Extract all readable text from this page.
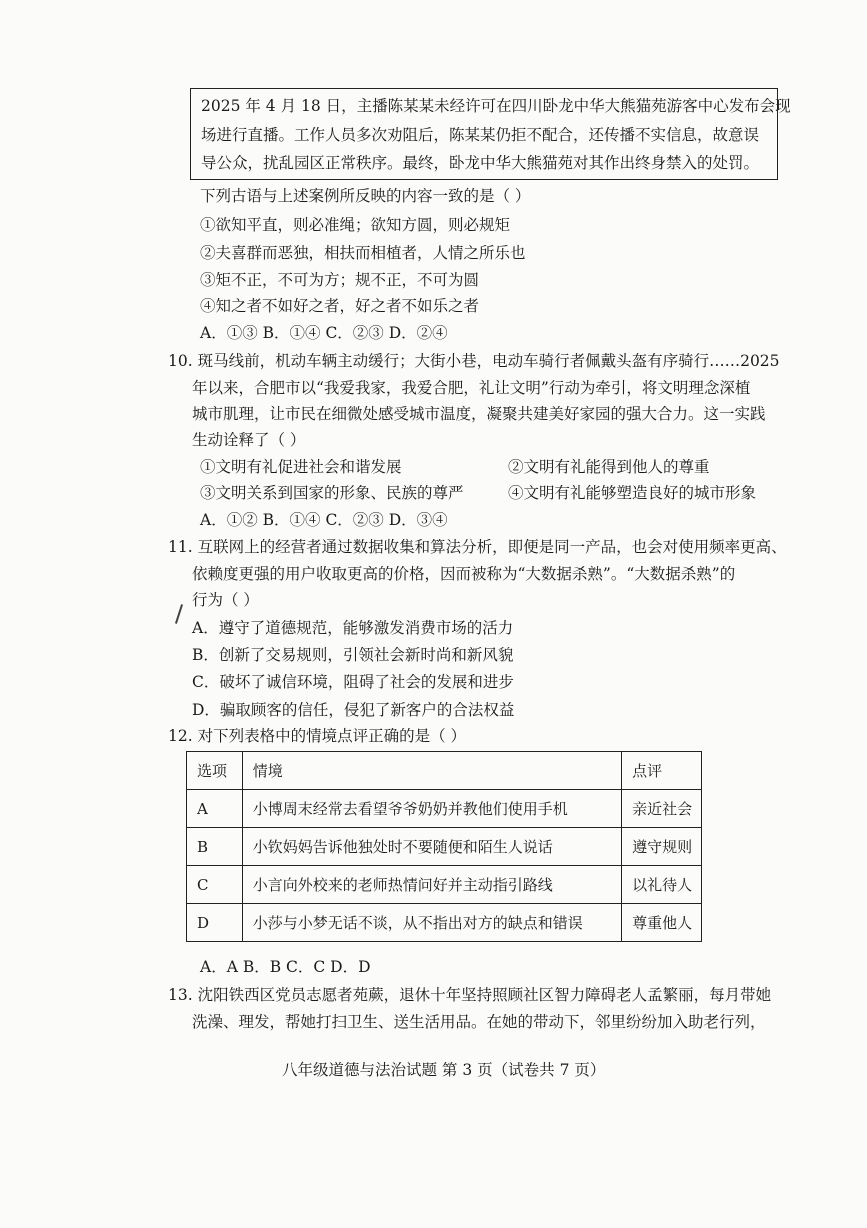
2025 年 4 月 18 日，主播陈某某未经许可在四川卧龙中华大熊猫苑游客中心发布会现
场进行直播。工作人员多次劝阻后，陈某某仍拒不配合，还传播不实信息，故意误
导公众，扰乱园区正常秩序。最终，卧龙中华大熊猫苑对其作出终身禁入的处罚。
下列古语与上述案例所反映的内容一致的是（ ）
①欲知平直，则必准绳；欲知方圆，则必规矩
②夫喜群而恶独，相扶而相植者，人情之所乐也
③矩不正，不可为方；规不正，不可为圆
④知之者不如好之者，好之者不如乐之者
A．①③ B．①④ C．②③ D．②④
10. 斑马线前，机动车辆主动缓行；大街小巷，电动车骑行者佩戴头盔有序骑行……2025
年以来，合肥市以“我爱我家，我爱合肥，礼让文明”行动为牵引，将文明理念深植
城市肌理，让市民在细微处感受城市温度，凝聚共建美好家园的强大合力。这一实践
生动诠释了（ ）
①文明有礼促进社会和谐发展	②文明有礼能得到他人的尊重
③文明关系到国家的形象、民族的尊严	④文明有礼能够塑造良好的城市形象
A．①② B．①④ C．②③ D．③④
11. 互联网上的经营者通过数据收集和算法分析，即便是同一产品，也会对使用频率更高、
依赖度更强的用户收取更高的价格，因而被称为“大数据杀熟”。“大数据杀熟”的
行为（ ）
A．遵守了道德规范，能够激发消费市场的活力
B．创新了交易规则，引领社会新时尚和新风貌
C．破坏了诚信环境，阻碍了社会的发展和进步
D．骗取顾客的信任，侵犯了新客户的合法权益
12. 对下列表格中的情境点评正确的是（ ）
选项	情境	点评
A	小博周末经常去看望爷爷奶奶并教他们使用手机	亲近社会
B	小钦妈妈告诉他独处时不要随便和陌生人说话	遵守规则
C	小言向外校来的老师热情问好并主动指引路线	以礼待人
D	小莎与小梦无话不谈，从不指出对方的缺点和错误	尊重他人
A．A B．B C．C D．D
13. 沈阳铁西区党员志愿者苑蕨，退休十年坚持照顾社区智力障碍老人孟繁丽，每月带她
洗澡、理发，帮她打扫卫生、送生活用品。在她的带动下，邻里纷纷加入助老行列，
八年级道德与法治试题 第 3 页（试卷共 7 页）
